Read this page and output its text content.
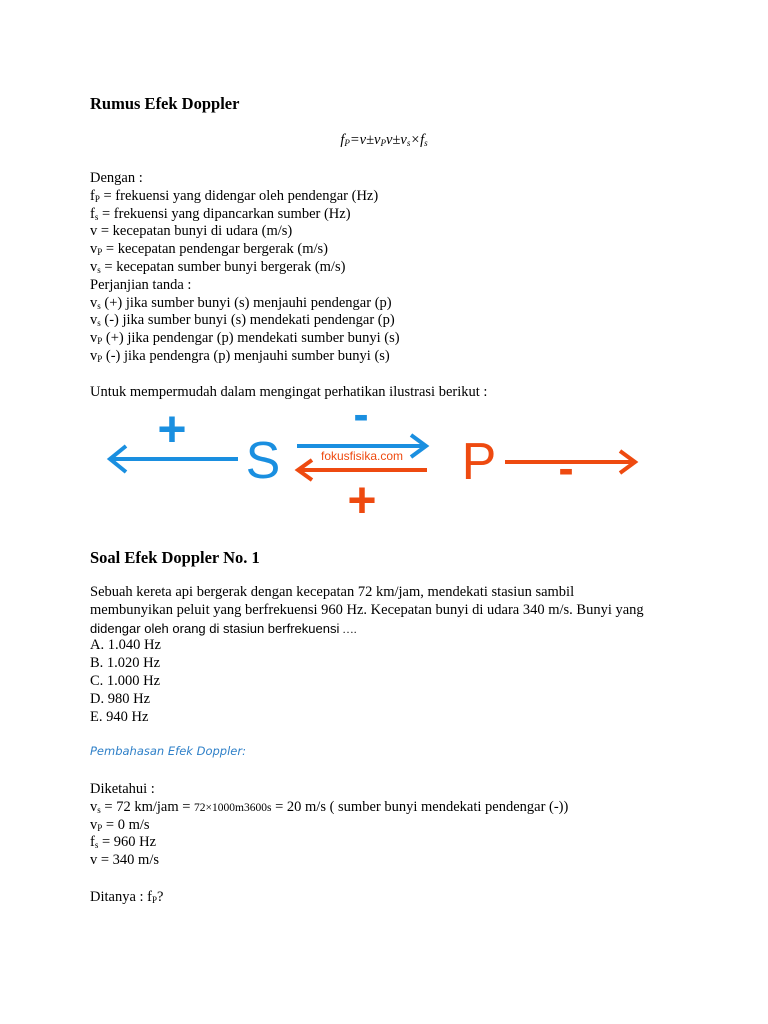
Rumus Efek Doppler
$f_P=v\pm v_Pv\pm v_s\times f_s$
Dengan :
$f_P$ = frekuensi yang didengar oleh pendengar (Hz)
$f_s$ = frekuensi yang dipancarkan sumber (Hz)
v = kecepatan bunyi di udara (m/s)
$v_P$ = kecepatan pendengar bergerak (m/s)
$v_s$ = kecepatan sumber bunyi bergerak (m/s)
Perjanjian tanda :
$v_s$ (+) jika sumber bunyi (s) menjauhi pendengar (p)
$v_s$ (-) jika sumber bunyi (s) mendekati pendengar (p)
$v_P$ (+) jika pendengar (p) mendekati sumber bunyi (s)
$v_P$ (-) jika pendengra (p) menjauhi sumber bunyi (s)
Untuk mempermudah dalam mengingat perhatikan ilustrasi berikut :
+
S
-
fokusfisika.com
+
P -
Soal Efek Doppler No. 1
Sebuah kereta api bergerak dengan kecepatan 72 km/jam, mendekati stasiun sambil
membunyikan peluit yang berfrekuensi 960 Hz. Kecepatan bunyi di udara 340 m/s. Bunyi yang
didengar oleh orang di stasiun berfrekuensi ….
A. 1.040 Hz
B. 1.020 Hz
C. 1.000 Hz
D. 980 Hz
E. 940 Hz
Pembahasan Efek Doppler:
Diketahui :
$v_s = 72$ km/jam = 72×1000m3600s = 20 m/s ( sumber bunyi mendekati pendengar (-))
$v_P = 0$ m/s
$f_s = 960$ Hz
v = 340 m/s
Ditanya : $f_P$?
